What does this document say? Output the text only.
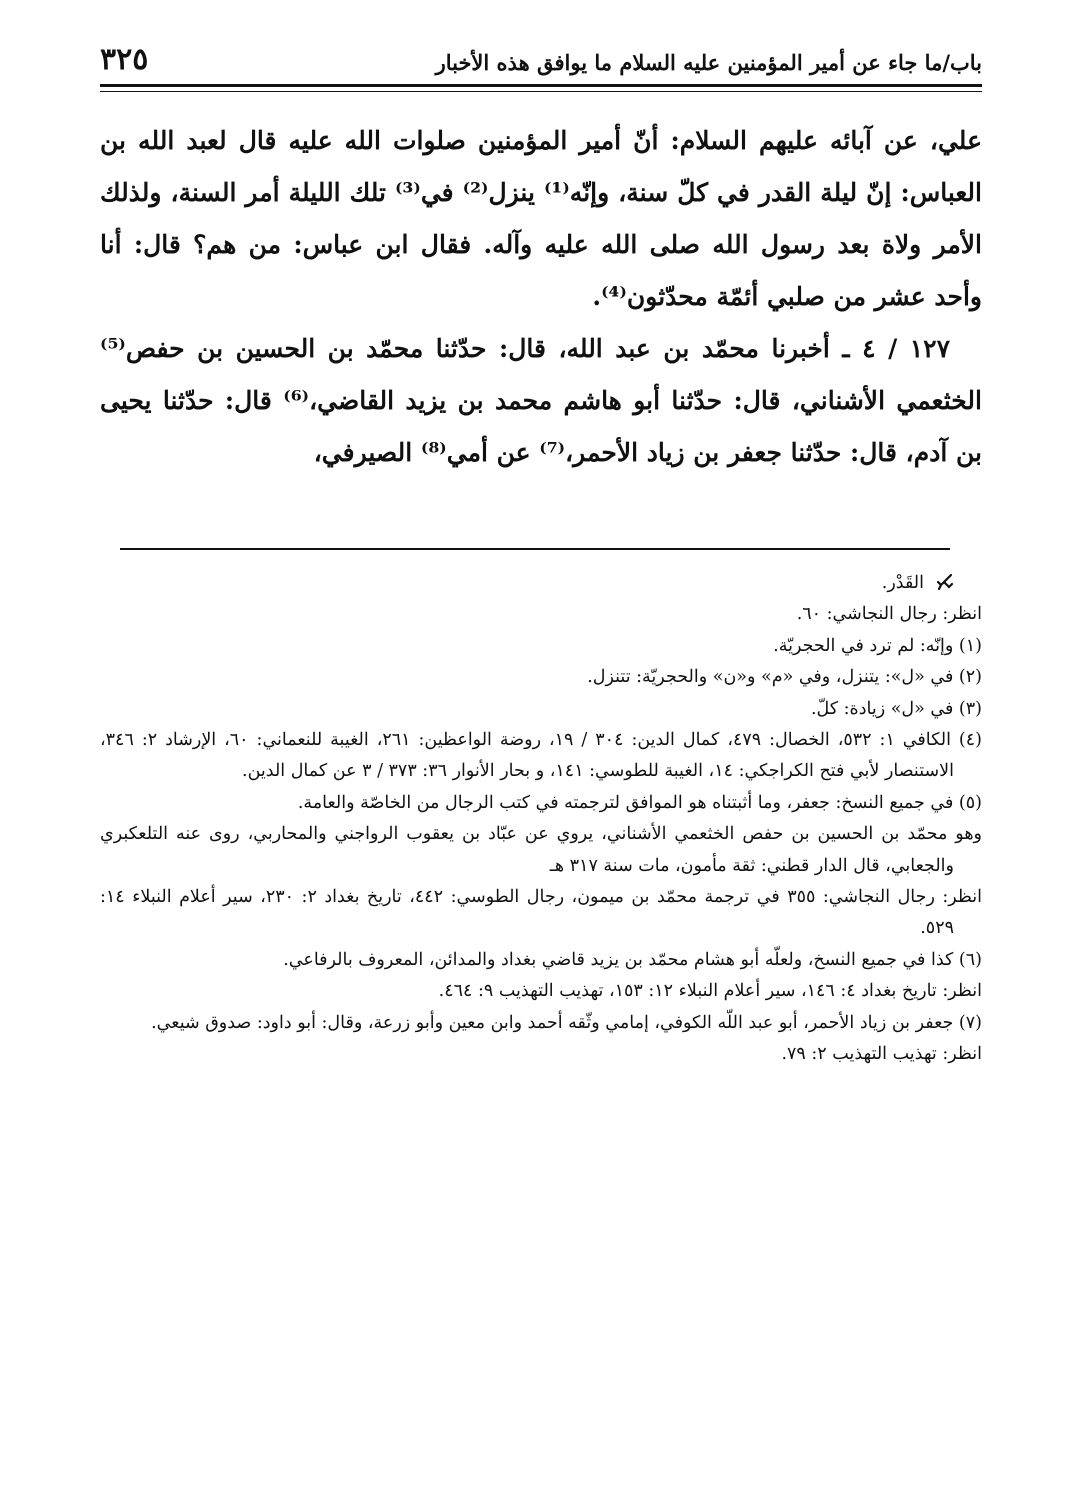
باب/ما جاء عن أمير المؤمنين عليه السلام ما يوافق هذه الأخبار
٣٢٥

علي، عن آبائه عليهم السلام: أنّ أمير المؤمنين صلوات الله عليه قال لعبد الله بن العباس: إنّ ليلة القدر في كلّ سنة، وإنّه⁽¹⁾ ينزل⁽²⁾ في⁽³⁾ تلك الليلة أمر السنة، ولذلك الأمر ولاة بعد رسول الله صلى الله عليه وآله. فقال ابن عباس: من هم؟ قال: أنا وأحد عشر من صلبي أئمّة محدّثون⁽⁴⁾.

١٢٧ / ٤ ـ أخبرنا محمّد بن عبد الله، قال: حدّثنا محمّد بن الحسين بن حفص⁽⁵⁾ الخثعمي الأشناني، قال: حدّثنا أبو هاشم محمد بن يزيد القاضي،⁽⁶⁾ قال: حدّثنا يحيى بن آدم، قال: حدّثنا جعفر بن زياد الأحمر،⁽⁷⁾ عن أمي⁽⁸⁾ الصيرفي،

القَدْر.

انظر: رجال النجاشي: ٦٠.

(١) وإنّه: لم ترد في الحجريّة.

(٢) في «ل»: يتنزل، وفي «م» و«ن» والحجريّة: تتنزل.

(٣) في «ل» زيادة: كلّ.

(٤) الكافي ١: ٥٣٢، الخصال: ٤٧٩، كمال الدين: ٣٠٤ / ١٩، روضة الواعظين: ٢٦١، الغيبة للنعماني: ٦٠، الإرشاد ٢: ٣٤٦، الاستنصار لأبي فتح الكراجكي: ١٤، الغيبة للطوسي: ١٤١، و بحار الأنوار ٣٦: ٣٧٣ / ٣ عن كمال الدين.

(٥) في جميع النسخ: جعفر، وما أثبتناه هو الموافق لترجمته في كتب الرجال من الخاصّة والعامة.

وهو محمّد بن الحسين بن حفص الخثعمي الأشناني، يروي عن عبّاد بن يعقوب الرواجني والمحاربي، روى عنه التلعكبري والجعابي، قال الدار قطني: ثقة مأمون، مات سنة ٣١٧ هـ

انظر: رجال النجاشي: ٣٥٥ في ترجمة محمّد بن ميمون، رجال الطوسي: ٤٤٢، تاريخ بغداد ٢: ٢٣٠، سير أعلام النبلاء ١٤: ٥٢٩.

(٦) كذا في جميع النسخ، ولعلّه أبو هشام محمّد بن يزيد قاضي بغداد والمدائن، المعروف بالرفاعي.

انظر: تاريخ بغداد ٤: ١٤٦، سير أعلام النبلاء ١٢: ١٥٣، تهذيب التهذيب ٩: ٤٦٤.

(٧) جعفر بن زياد الأحمر، أبو عبد اللّه الكوفي، إمامي وثّقه أحمد وابن معين وأبو زرعة، وقال: أبو داود: صدوق شيعي.

انظر: تهذيب التهذيب ٢: ٧٩.
